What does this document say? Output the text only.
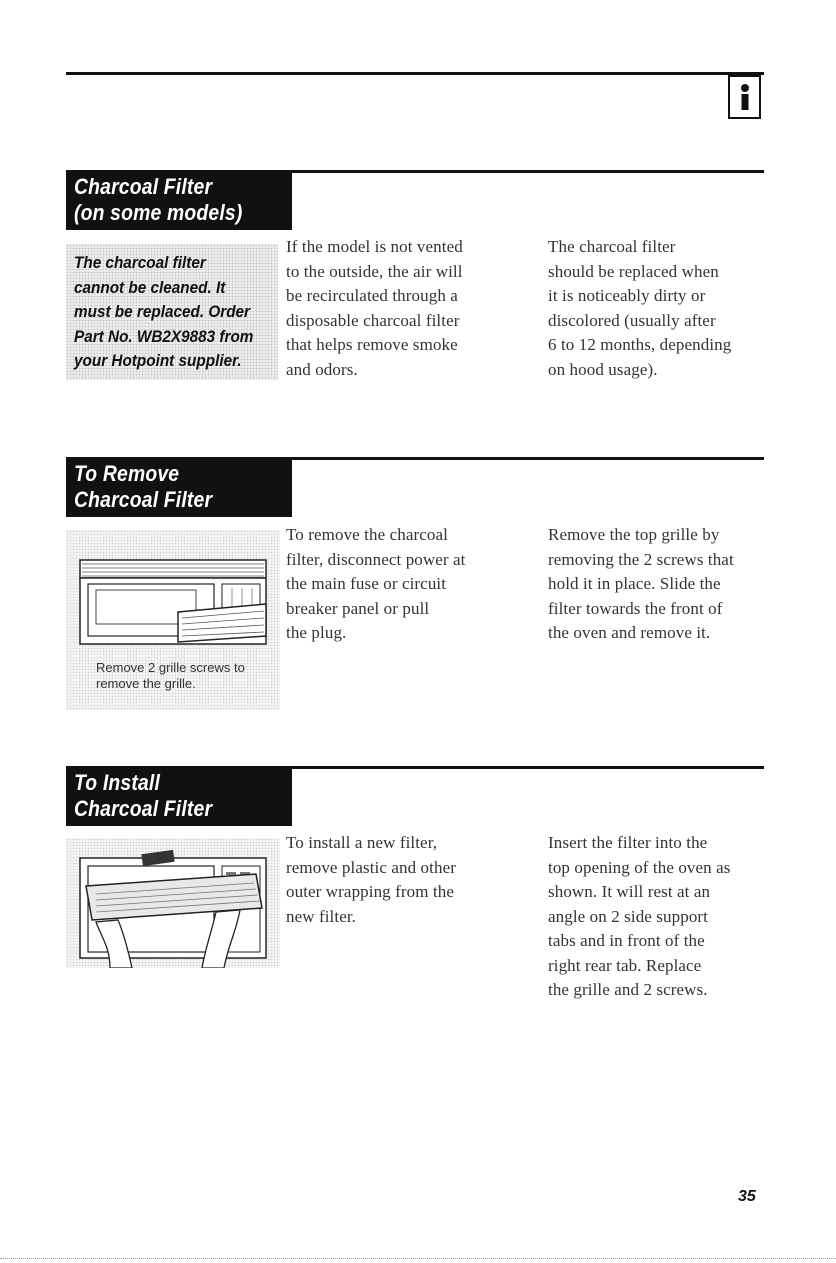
Charcoal Filter
(on some models)
The charcoal filter
cannot be cleaned. It
must be replaced. Order
Part No. WB2X9883 from
your Hotpoint supplier.
If the model is not vented
to the outside, the air will
be recirculated through a
disposable charcoal filter
that helps remove smoke
and odors.
The charcoal filter
should be replaced when
it is noticeably dirty or
discolored (usually after
6 to 12 months, depending
on hood usage).
To Remove
Charcoal Filter
Remove 2 grille screws to
remove the grille.
To remove the charcoal
filter, disconnect power at
the main fuse or circuit
breaker panel or pull
the plug.
Remove the top grille by
removing the 2 screws that
hold it in place. Slide the
filter towards the front of
the oven and remove it.
To Install
Charcoal Filter
To install a new filter,
remove plastic and other
outer wrapping from the
new filter.
Insert the filter into the
top opening of the oven as
shown. It will rest at an
angle on 2 side support
tabs and in front of the
right rear tab. Replace
the grille and 2 screws.
35
